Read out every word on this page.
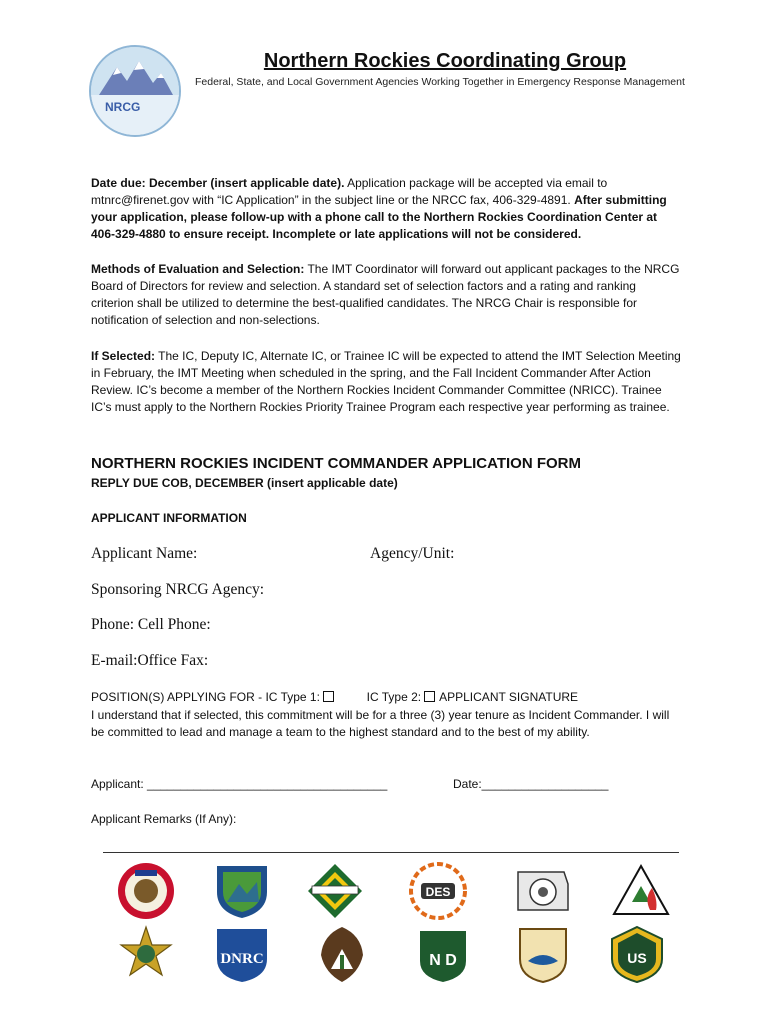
NRCG
Northern Rockies Coordinating Group
Federal, State, and Local Government Agencies Working Together in Emergency Response Management
Date due: December (insert applicable date). Application package will be accepted via email to mtnrc@firenet.gov with “IC Application” in the subject line or the NRCC fax, 406-329-4891. After submitting your application, please follow-up with a phone call to the Northern Rockies Coordination Center at 406-329-4880 to ensure receipt. Incomplete or late applications will not be considered.
Methods of Evaluation and Selection: The IMT Coordinator will forward out applicant packages to the NRCG Board of Directors for review and selection. A standard set of selection factors and a rating and ranking criterion shall be utilized to determine the best-qualified candidates. The NRCG Chair is responsible for notification of selection and non-selections.
If Selected: The IC, Deputy IC, Alternate IC, or Trainee IC will be expected to attend the IMT Selection Meeting in February, the IMT Meeting when scheduled in the spring, and the Fall Incident Commander After Action Review. IC’s become a member of the Northern Rockies Incident Commander Committee (NRICC). Trainee IC’s must apply to the Northern Rockies Priority Trainee Program each respective year performing as trainee.
NORTHERN ROCKIES INCIDENT COMMANDER APPLICATION FORM
REPLY DUE COB, DECEMBER (insert applicable date)
APPLICANT INFORMATION
Applicant Name:	Agency/Unit:
Sponsoring NRCG Agency:
Phone: Cell Phone:
E-mail:Office Fax:
POSITION(S) APPLYING FOR - IC Type 1:	IC Type 2: APPLICANT SIGNATURE
I understand that if selected, this commitment will be for a three (3) year tenure as Incident Commander. I will be committed to lead and manage a team to the highest standard and to the best of my ability.
Applicant: ____________________________________	Date:___________________
Applicant Remarks (If Any):
DES
DNRC	N D	US
